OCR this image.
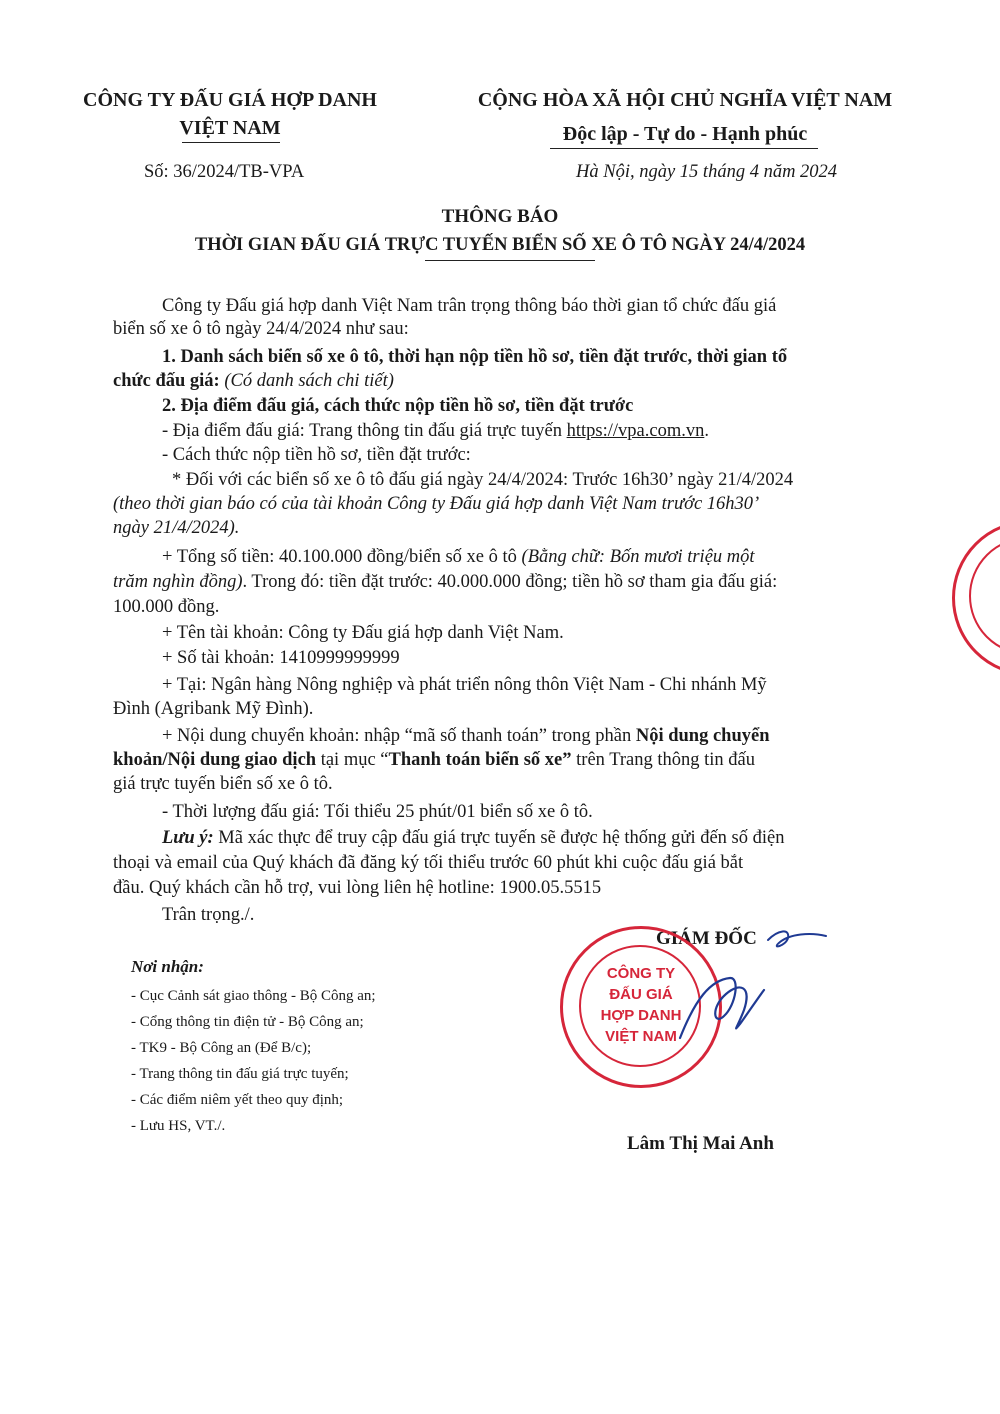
CÔNG TY ĐẤU GIÁ HỢP DANH
VIỆT NAM
CỘNG HÒA XÃ HỘI CHỦ NGHĨA VIỆT NAM
Độc lập - Tự do - Hạnh phúc
Số: 36/2024/TB-VPA	Hà Nội, ngày 15 tháng 4 năm 2024
THÔNG BÁO
THỜI GIAN ĐẤU GIÁ TRỰC TUYẾN BIỂN SỐ XE Ô TÔ NGÀY 24/4/2024
Công ty Đấu giá hợp danh Việt Nam trân trọng thông báo thời gian tổ chức đấu giá
biển số xe ô tô ngày 24/4/2024 như sau:
1. Danh sách biển số xe ô tô, thời hạn nộp tiền hồ sơ, tiền đặt trước, thời gian tổ
chức đấu giá: (Có danh sách chi tiết)
2. Địa điểm đấu giá, cách thức nộp tiền hồ sơ, tiền đặt trước
- Địa điểm đấu giá: Trang thông tin đấu giá trực tuyến https://vpa.com.vn.
- Cách thức nộp tiền hồ sơ, tiền đặt trước:
* Đối với các biển số xe ô tô đấu giá ngày 24/4/2024: Trước 16h30’ ngày 21/4/2024
(theo thời gian báo có của tài khoản Công ty Đấu giá hợp danh Việt Nam trước 16h30’
ngày 21/4/2024).
+ Tổng số tiền: 40.100.000 đồng/biển số xe ô tô (Bằng chữ: Bốn mươi triệu một
trăm nghìn đồng). Trong đó: tiền đặt trước: 40.000.000 đồng; tiền hồ sơ tham gia đấu giá:
100.000 đồng.
+ Tên tài khoản: Công ty Đấu giá hợp danh Việt Nam.
+ Số tài khoản: 1410999999999
+ Tại: Ngân hàng Nông nghiệp và phát triển nông thôn Việt Nam - Chi nhánh Mỹ
Đình (Agribank Mỹ Đình).
+ Nội dung chuyển khoản: nhập “mã số thanh toán” trong phần Nội dung chuyển
khoản/Nội dung giao dịch tại mục “Thanh toán biển số xe” trên Trang thông tin đấu
giá trực tuyến biển số xe ô tô.
- Thời lượng đấu giá: Tối thiểu 25 phút/01 biển số xe ô tô.
Lưu ý: Mã xác thực để truy cập đấu giá trực tuyến sẽ được hệ thống gửi đến số điện
thoại và email của Quý khách đã đăng ký tối thiểu trước 60 phút khi cuộc đấu giá bắt
đầu. Quý khách cần hỗ trợ, vui lòng liên hệ hotline: 1900.05.5515
Trân trọng./.
Nơi nhận:
- Cục Cảnh sát giao thông - Bộ Công an;
- Cổng thông tin điện tử - Bộ Công an;
- TK9 - Bộ Công an (Để B/c);
- Trang thông tin đấu giá trực tuyến;
- Các điểm niêm yết theo quy định;
- Lưu HS, VT./.
GIÁM ĐỐC
CÔNG TY
ĐẤU GIÁ
HỢP DANH
VIỆT NAM
Lâm Thị Mai Anh
